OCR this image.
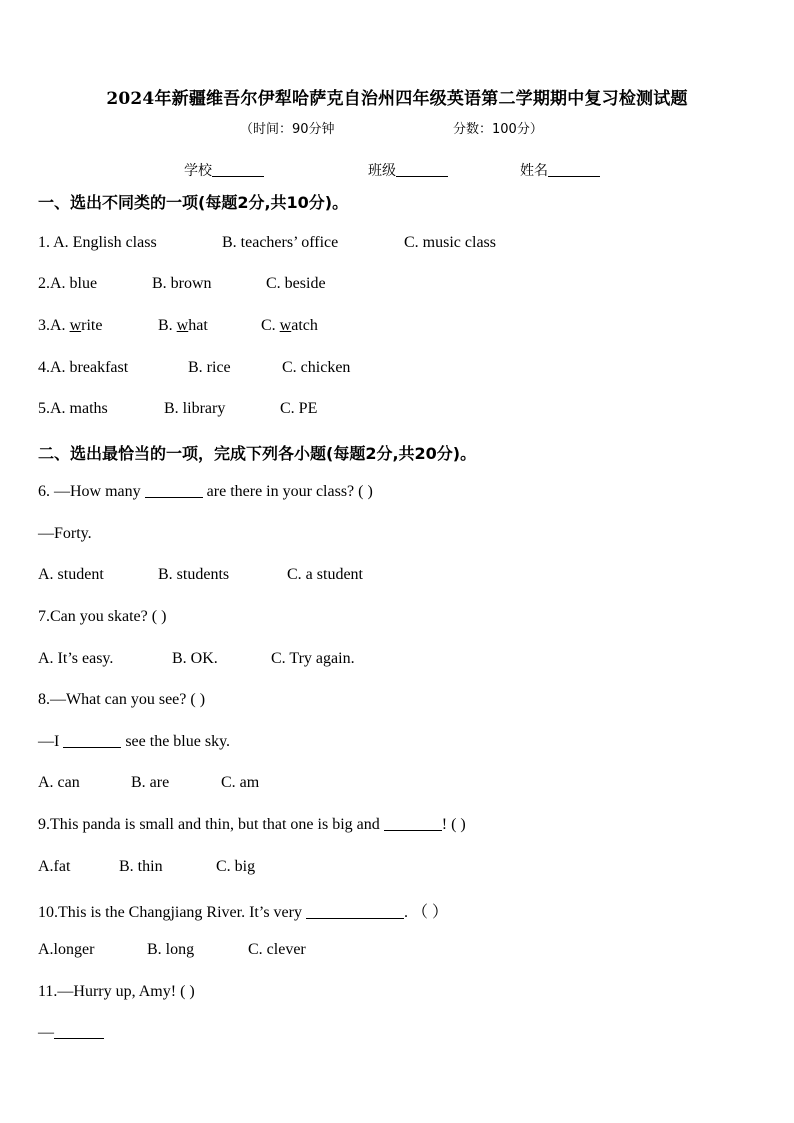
2024年新疆维吾尔伊犁哈萨克自治州四年级英语第二学期期中复习检测试题
（时间：90分钟	分数：100分）
学校	班级	姓名
一、选出不同类的一项(每题2分,共10分)。
1. A. English class	B. teachers’ office	C. music class
2.A. blue	B. brown	C. beside
3.A. write	B. what	C. watch
4.A. breakfast	B. rice	C. chicken
5.A. maths	B. library	C. PE
二、选出最恰当的一项，完成下列各小题(每题2分,共20分)。
6. —How many	are there in your class? ( )
—Forty.
A. student	B. students	C. a student
7.Can you skate? ( )
A. It’s easy.	B. OK.	C. Try again.
8.—What can you see? ( )
—I	see the blue sky.
A. can	B. are	C. am
9.This panda is small and thin, but that one is big and	! ( )
A.fat	B. thin	C. big
10.This is the Changjiang River. It’s very	. （ ）
A.longer	B. long	C. clever
11.—Hurry up, Amy! ( )
—
